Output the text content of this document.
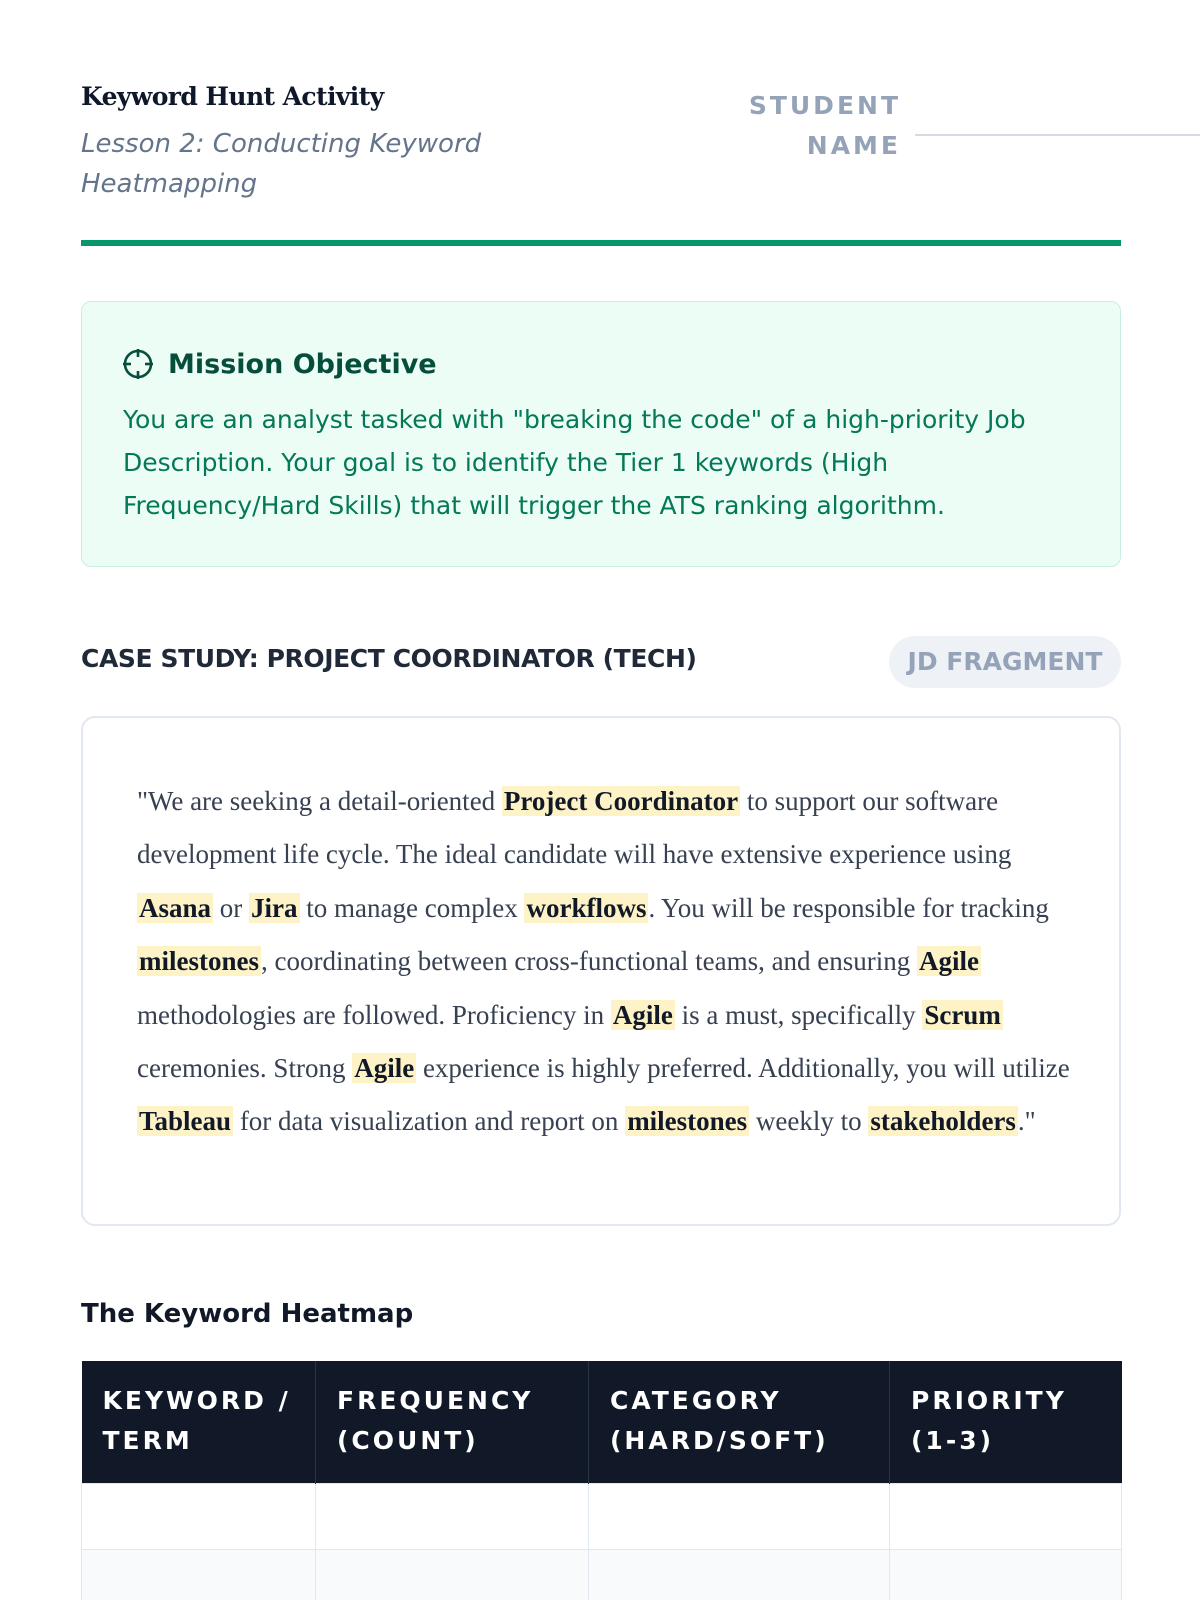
Keyword Hunt Activity
Lesson 2: Conducting Keyword Heatmapping
STUDENT NAME
Mission Objective
You are an analyst tasked with "breaking the code" of a high-priority Job Description. Your goal is to identify the Tier 1 keywords (High Frequency/Hard Skills) that will trigger the ATS ranking algorithm.
CASE STUDY: PROJECT COORDINATOR (TECH)	JD FRAGMENT

"We are seeking a detail-oriented Project Coordinator to support our software development life cycle. The ideal candidate will have extensive experience using Asana or Jira to manage complex workflows. You will be responsible for tracking milestones, coordinating between cross-functional teams, and ensuring Agile methodologies are followed. Proficiency in Agile is a must, specifically Scrum ceremonies. Strong Agile experience is highly preferred. Additionally, you will utilize Tableau for data visualization and report on milestones weekly to stakeholders."

The Keyword Heatmap
KEYWORD / TERM	FREQUENCY (COUNT)	CATEGORY (HARD/SOFT)	PRIORITY (1-3)
